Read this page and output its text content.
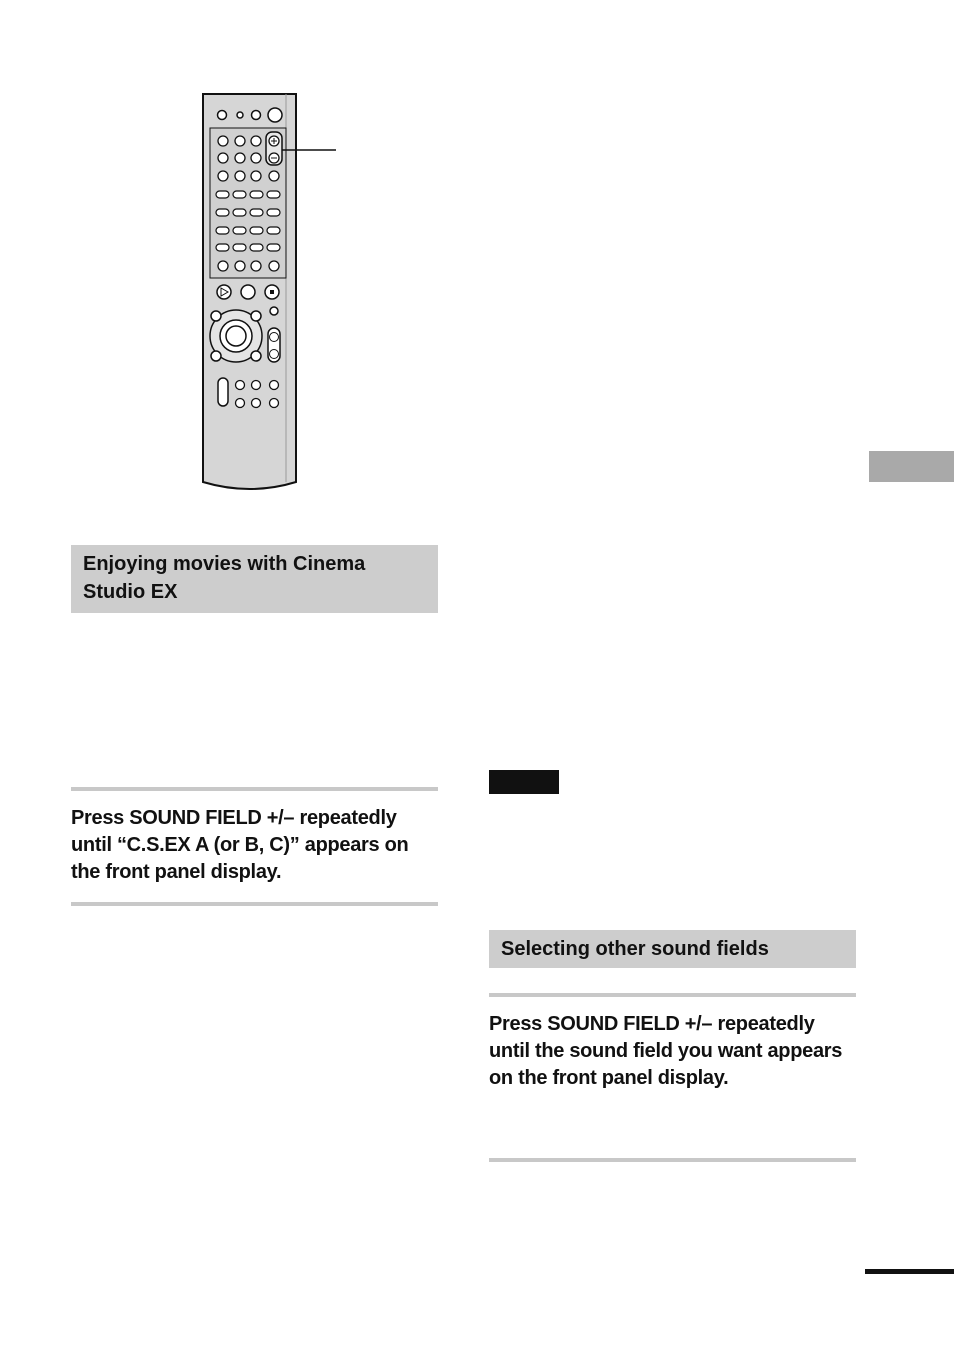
Enjoying movies with Cinema Studio EX
Press SOUND FIELD +/– repeatedly until “C.S.EX A (or B, C)” appears on the front panel display.
Selecting other sound fields
Press SOUND FIELD +/– repeatedly until the sound field you want appears on the front panel display.
